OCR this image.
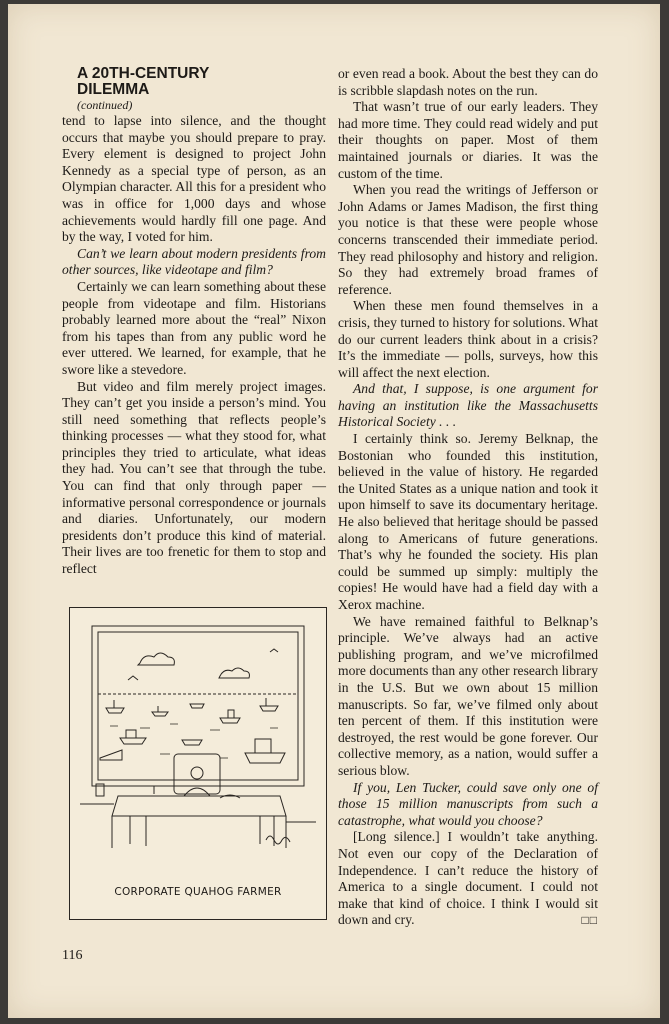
A 20TH-CENTURY

DILEMMA

(continued)

tend to lapse into silence, and the thought occurs that maybe you should prepare to pray. Every element is designed to project John Kennedy as a special type of person, as an Olympian character. All this for a president who was in office for 1,000 days and whose achievements would hardly fill one page. And by the way, I voted for him.

Can’t we learn about modern presidents from other sources, like videotape and film?

Certainly we can learn something about these people from videotape and film. Historians probably learned more about the “real” Nixon from his tapes than from any public word he ever uttered. We learned, for example, that he swore like a stevedore.

But video and film merely project images. They can’t get you inside a person’s mind. You still need something that reflects people’s thinking processes — what they stood for, what principles they tried to articulate, what ideas they had. You can’t see that through the tube. You can find that only through paper — informative personal correspondence or journals and diaries. Unfortunately, our modern presidents don’t produce this kind of material. Their lives are too frenetic for them to stop and reflect

CORPORATE QUAHOG FARMER

or even read a book. About the best they can do is scribble slapdash notes on the run.

That wasn’t true of our early leaders. They had more time. They could read widely and put their thoughts on paper. Most of them maintained journals or diaries. It was the custom of the time.

When you read the writings of Jefferson or John Adams or James Madison, the first thing you notice is that these were people whose concerns transcended their immediate period. They read philosophy and history and religion. So they had extremely broad frames of reference.

When these men found themselves in a crisis, they turned to history for solutions. What do our current leaders think about in a crisis? It’s the immediate — polls, surveys, how this will affect the next election.

And that, I suppose, is one argument for having an institution like the Massachusetts Historical Society . . .

I certainly think so. Jeremy Belknap, the Bostonian who founded this institution, believed in the value of history. He regarded the United States as a unique nation and took it upon himself to save its documentary heritage. He also believed that heritage should be passed along to Americans of future generations. That’s why he founded the society. His plan could be summed up simply: multiply the copies! He would have had a field day with a Xerox machine.

We have remained faithful to Belknap’s principle. We’ve always had an active publishing program, and we’ve microfilmed more documents than any other research library in the U.S. But we own about 15 million manuscripts. So far, we’ve filmed only about ten percent of them. If this institution were destroyed, the rest would be gone forever. Our collective memory, as a nation, would suffer a serious blow.

If you, Len Tucker, could save only one of those 15 million manuscripts from such a catastrophe, what would you choose?

[Long silence.] I wouldn’t take anything. Not even our copy of the Declaration of Independence. I can’t reduce the history of America to a single document. I could not make that kind of choice. I think I would sit down and cry.	□□

116
